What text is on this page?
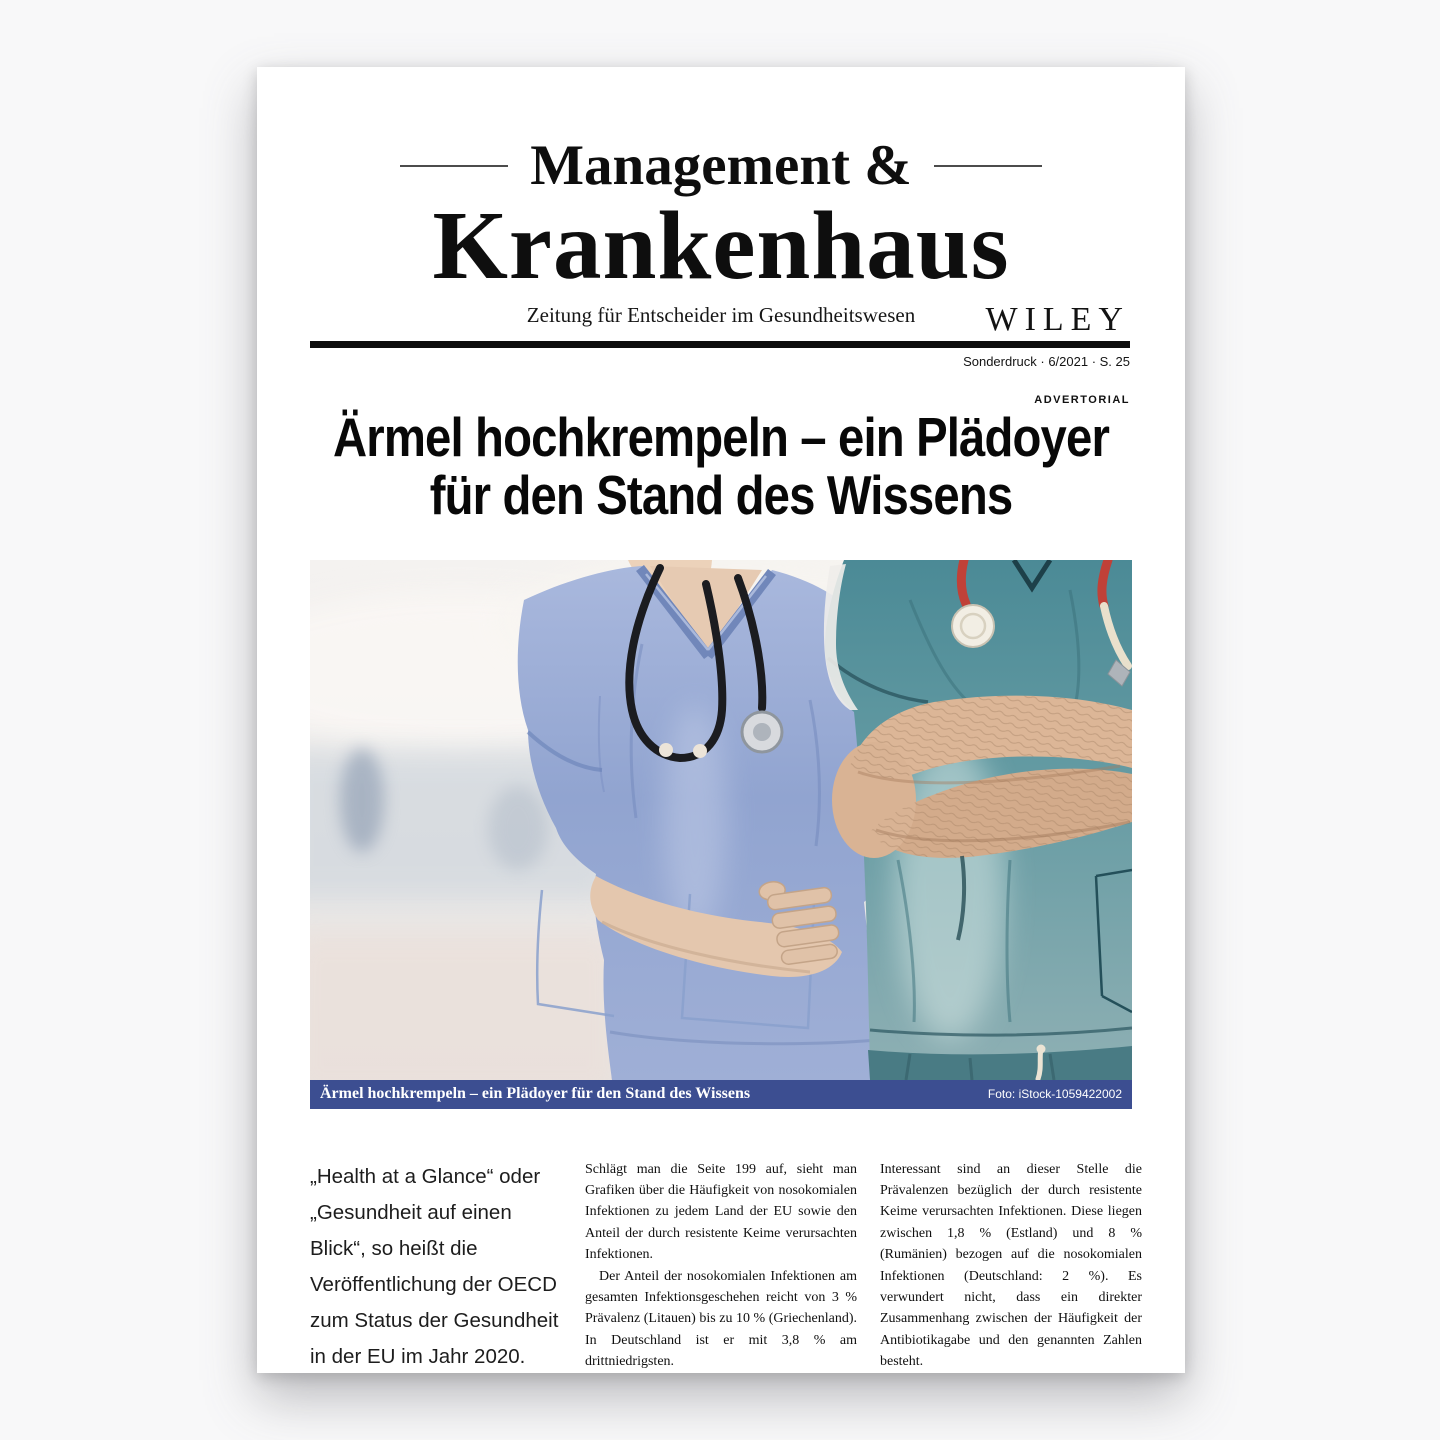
Management &
Krankenhaus
Zeitung für Entscheider im Gesundheitswesen	WILEY
Sonderdruck · 6/2021 · S. 25
ADVERTORIAL
Ärmel hochkrempeln – ein Plädoyer
für den Stand des Wissens
Ärmel hochkrempeln – ein Plädoyer für den Stand des Wissens	Foto: iStock-1059422002
„Health at a Glance“ oder „Gesundheit auf einen Blick“, so heißt die Veröffentlichung der OECD zum Status der Gesundheit in der EU im Jahr 2020.

Schlägt man die Seite 199 auf, sieht man Grafiken über die Häufigkeit von nosokomialen Infektionen zu jedem Land der EU sowie den Anteil der durch resistente Keime verursachten Infektionen.

Der Anteil der nosokomialen Infektionen am gesamten Infektionsgeschehen reicht von 3 % Prävalenz (Litauen) bis zu 10 % (Griechenland). In Deutschland ist er mit 3,8 % am drittniedrigsten.

Interessant sind an dieser Stelle die Prävalenzen bezüglich der durch resistente Keime verursachten Infektionen. Diese liegen zwischen 1,8 % (Estland) und 8 % (Rumänien) bezogen auf die nosokomialen Infektionen (Deutschland: 2 %). Es verwundert nicht, dass ein direkter Zusammenhang zwischen der Häufigkeit der Antibiotikagabe und den genannten Zahlen besteht.
